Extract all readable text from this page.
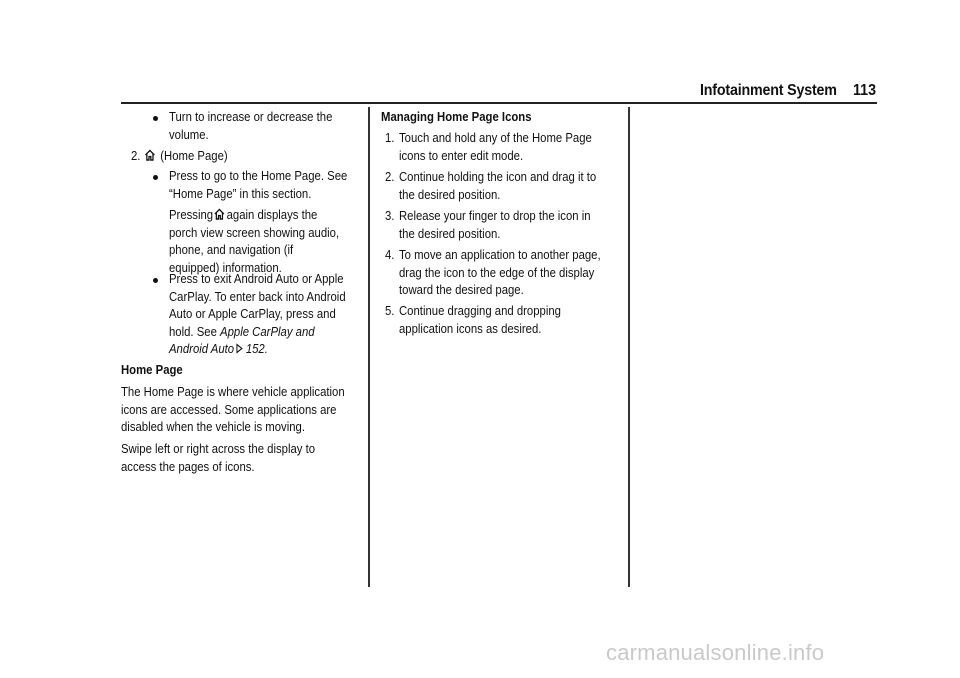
Infotainment System 113
Turn to increase or decrease the
volume.
2. (Home Page)
Press to go to the Home Page. See
“Home Page” in this section.
Pressing again displays the
porch view screen showing audio,
phone, and navigation (if
equipped) information.
Press to exit Android Auto or Apple
CarPlay. To enter back into Android
Auto or Apple CarPlay, press and
hold. See Apple CarPlay and
Android Auto 152.
Home Page
The Home Page is where vehicle application
icons are accessed. Some applications are
disabled when the vehicle is moving.
Swipe left or right across the display to
access the pages of icons.
Managing Home Page Icons
1. Touch and hold any of the Home Page
icons to enter edit mode.
2. Continue holding the icon and drag it to
the desired position.
3. Release your finger to drop the icon in
the desired position.
4. To move an application to another page,
drag the icon to the edge of the display
toward the desired page.
5. Continue dragging and dropping
application icons as desired.
carmanualsonline.info
